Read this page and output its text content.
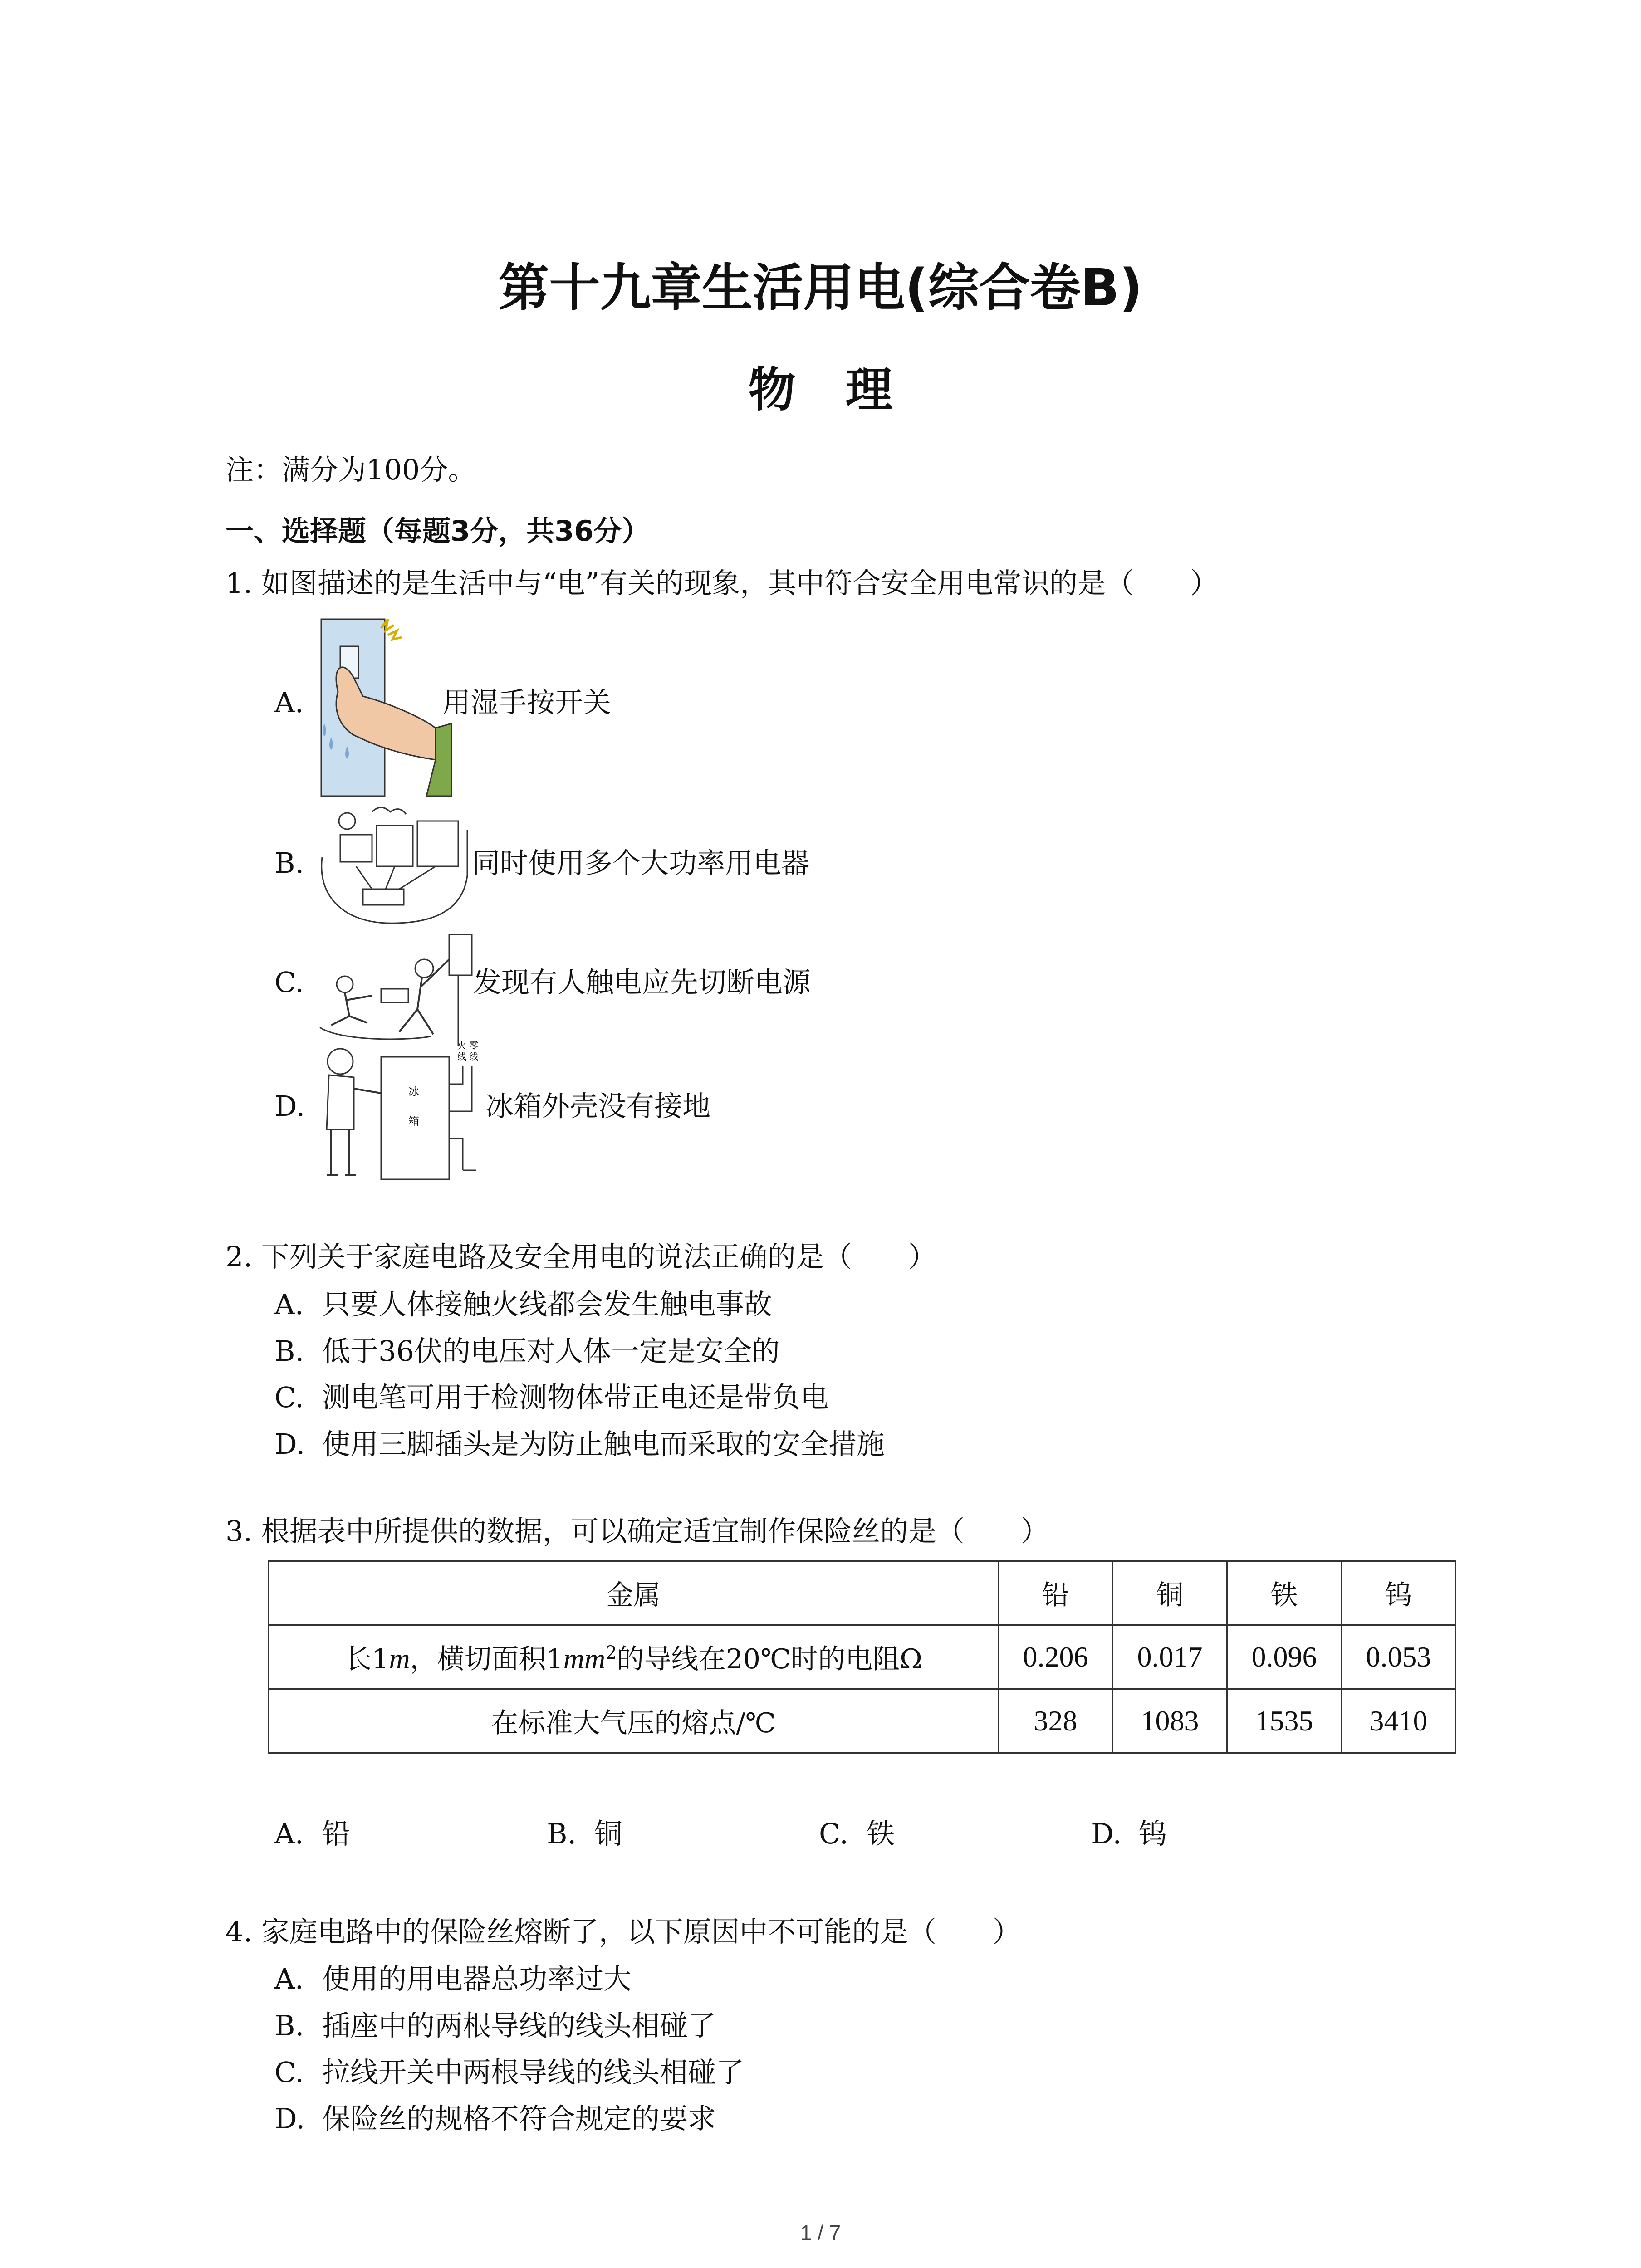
第十九章生活用电(综合卷B)
物理
注：满分为100分。
一、选择题（每题3分，共36分）
1. 如图描述的是生活中与“电”有关的现象，其中符合安全用电常识的是（　　）
A.	用湿手按开关
B.	同时使用多个大功率用电器
C.	发现有人触电应先切断电源
D.	冰
箱
火 零
线 线
冰箱外壳没有接地
2. 下列关于家庭电路及安全用电的说法正确的是（　　）
A. 只要人体接触火线都会发生触电事故
B. 低于36伏的电压对人体一定是安全的
C. 测电笔可用于检测物体带正电还是带负电
D. 使用三脚插头是为防止触电而采取的安全措施
3. 根据表中所提供的数据，可以确定适宜制作保险丝的是（　　）
金属	铅	铜	铁	钨
长1m，横切面积$1mm^2$的导线在20℃时的电阻Ω	0.206	0.017	0.096	0.053
在标准大气压的熔点/℃	328	1083	1535	3410
A. 铅	B. 铜	C. 铁	D. 钨
4. 家庭电路中的保险丝熔断了，以下原因中不可能的是（　　）
A. 使用的用电器总功率过大
B. 插座中的两根导线的线头相碰了
C. 拉线开关中两根导线的线头相碰了
D. 保险丝的规格不符合规定的要求
1 / 7
